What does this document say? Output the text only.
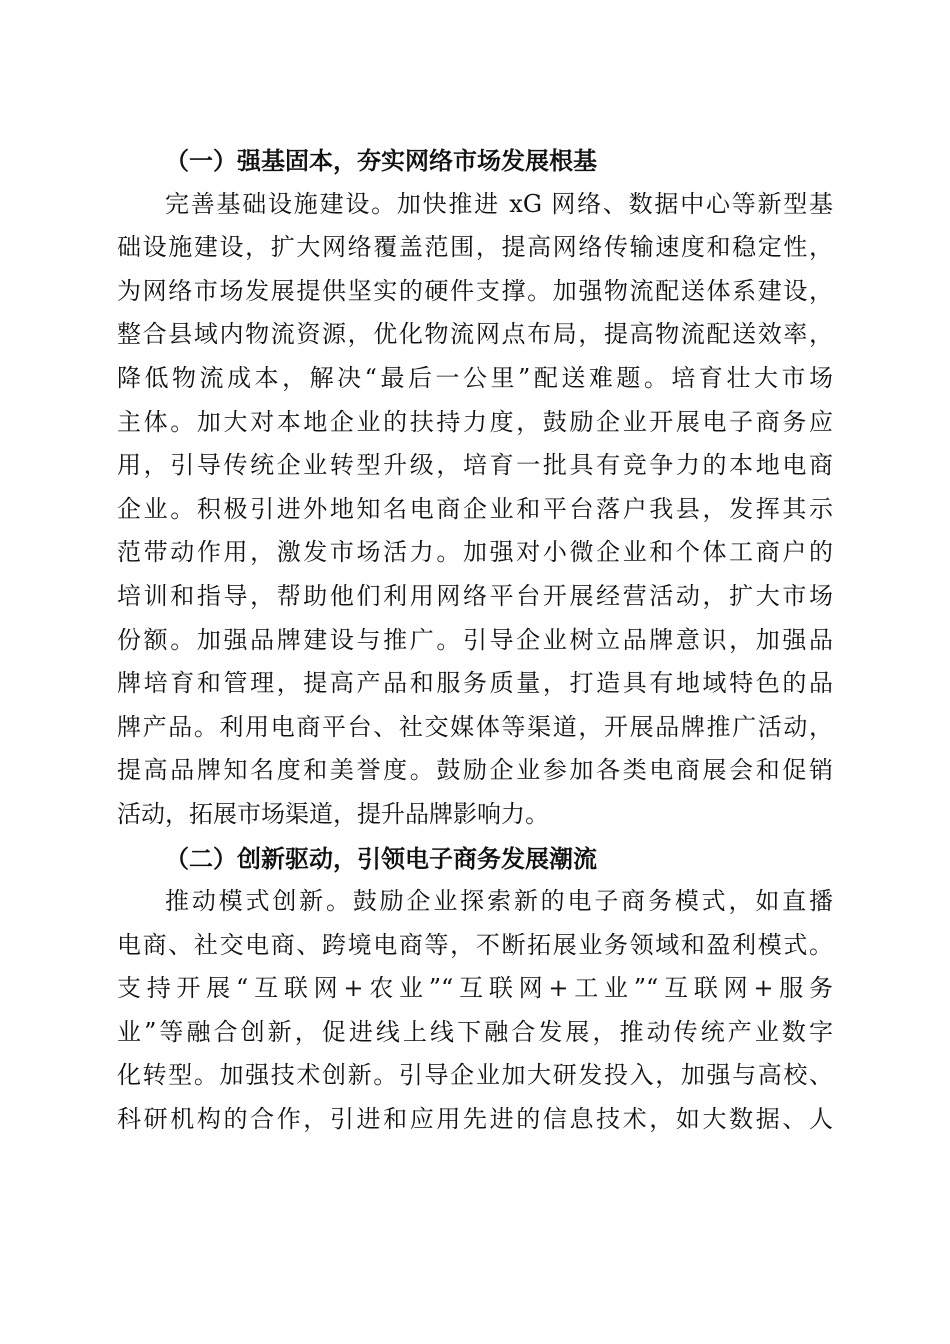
（一）强基固本，夯实网络市场发展根基
完善基础设施建设。加快推进 xG 网络、数据中心等新型基
础设施建设，扩大网络覆盖范围，提高网络传输速度和稳定性，
为网络市场发展提供坚实的硬件支撑。加强物流配送体系建设，
整合县域内物流资源，优化物流网点布局，提高物流配送效率，
降低物流成本，解决“最后一公里”配送难题。培育壮大市场
主体。加大对本地企业的扶持力度，鼓励企业开展电子商务应
用，引导传统企业转型升级，培育一批具有竞争力的本地电商
企业。积极引进外地知名电商企业和平台落户我县，发挥其示
范带动作用，激发市场活力。加强对小微企业和个体工商户的
培训和指导，帮助他们利用网络平台开展经营活动，扩大市场
份额。加强品牌建设与推广。引导企业树立品牌意识，加强品
牌培育和管理，提高产品和服务质量，打造具有地域特色的品
牌产品。利用电商平台、社交媒体等渠道，开展品牌推广活动，
提高品牌知名度和美誉度。鼓励企业参加各类电商展会和促销
活动，拓展市场渠道，提升品牌影响力。
（二）创新驱动，引领电子商务发展潮流
推动模式创新。鼓励企业探索新的电子商务模式，如直播
电商、社交电商、跨境电商等，不断拓展业务领域和盈利模式。
支持开展“互联网+农业”“互联网+工业”“互联网+服务
业”等融合创新，促进线上线下融合发展，推动传统产业数字
化转型。加强技术创新。引导企业加大研发投入，加强与高校、
科研机构的合作，引进和应用先进的信息技术，如大数据、人
